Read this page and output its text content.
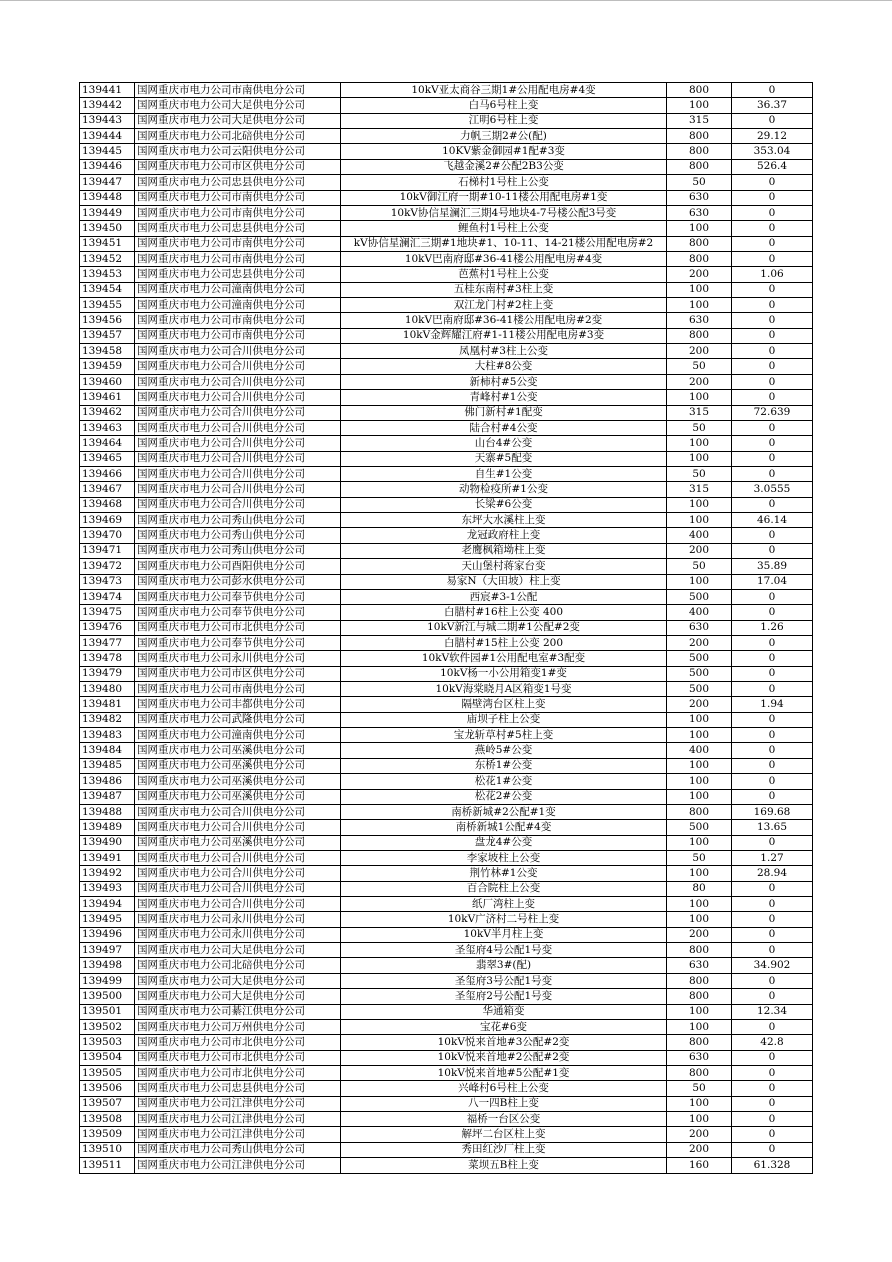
139441	国网重庆市电力公司市南供电分公司	10kV亚太商谷三期1#公用配电房#4变	800	0
139442	国网重庆市电力公司大足供电分公司	白马6号柱上变	100	36.37
139443	国网重庆市电力公司大足供电分公司	江明6号柱上变	315	0
139444	国网重庆市电力公司北碚供电分公司	力帆三期2#公(配)	800	29.12
139445	国网重庆市电力公司云阳供电分公司	10KV紫金御园#1配#3变	800	353.04
139446	国网重庆市电力公司市区供电分公司	飞越金溪2#公配2B3公变	800	526.4
139447	国网重庆市电力公司忠县供电分公司	石梯村1号柱上公变	50	0
139448	国网重庆市电力公司市南供电分公司	10kV御江府一期#10-11楼公用配电房#1变	630	0
139449	国网重庆市电力公司市南供电分公司	10kV协信星澜汇三期4号地块4-7号楼公配3号变	630	0
139450	国网重庆市电力公司忠县供电分公司	鲤鱼村1号柱上公变	100	0
139451	国网重庆市电力公司市南供电分公司	kV协信星澜汇三期#1地块#1、10-11、14-21楼公用配电房#2	800	0
139452	国网重庆市电力公司市南供电分公司	10kV巴南府邸#36-41楼公用配电房#4变	800	0
139453	国网重庆市电力公司忠县供电分公司	芭蕉村1号柱上公变	200	1.06
139454	国网重庆市电力公司潼南供电分公司	五桂东南村#3柱上变	100	0
139455	国网重庆市电力公司潼南供电分公司	双江龙门村#2柱上变	100	0
139456	国网重庆市电力公司市南供电分公司	10kV巴南府邸#36-41楼公用配电房#2变	630	0
139457	国网重庆市电力公司市南供电分公司	10kV金辉耀江府#1-11楼公用配电房#3变	800	0
139458	国网重庆市电力公司合川供电分公司	凤凰村#3柱上公变	200	0
139459	国网重庆市电力公司合川供电分公司	大柱#8公变	50	0
139460	国网重庆市电力公司合川供电分公司	新柿村#5公变	200	0
139461	国网重庆市电力公司合川供电分公司	青峰村#1公变	100	0
139462	国网重庆市电力公司合川供电分公司	佛门新村#1配变	315	72.639
139463	国网重庆市电力公司合川供电分公司	陆合村#4公变	50	0
139464	国网重庆市电力公司合川供电分公司	山台4#公变	100	0
139465	国网重庆市电力公司合川供电分公司	天寨#5配变	100	0
139466	国网重庆市电力公司合川供电分公司	自生#1公变	50	0
139467	国网重庆市电力公司合川供电分公司	动物检疫所#1公变	315	3.0555
139468	国网重庆市电力公司合川供电分公司	长梁#6公变	100	0
139469	国网重庆市电力公司秀山供电分公司	东坪大水溪柱上变	100	46.14
139470	国网重庆市电力公司秀山供电分公司	龙冠政府柱上变	400	0
139471	国网重庆市电力公司秀山供电分公司	老鹰枫箱坳柱上变	200	0
139472	国网重庆市电力公司酉阳供电分公司	天山堡村蒋家台变	50	35.89
139473	国网重庆市电力公司彭水供电分公司	易家N（大田坡）柱上变	100	17.04
139474	国网重庆市电力公司奉节供电分公司	西宸#3-1公配	500	0
139475	国网重庆市电力公司奉节供电分公司	白腊村#16柱上公变 400	400	0
139476	国网重庆市电力公司市北供电分公司	10kV新江与城二期#1公配#2变	630	1.26
139477	国网重庆市电力公司奉节供电分公司	白腊村#15柱上公变 200	200	0
139478	国网重庆市电力公司永川供电分公司	10kV软件园#1公用配电室#3配变	500	0
139479	国网重庆市电力公司市区供电分公司	10kV杨一小公用箱变1#变	500	0
139480	国网重庆市电力公司市南供电分公司	10kV海棠晓月A区箱变1号变	500	0
139481	国网重庆市电力公司丰都供电分公司	隔壁湾台区柱上变	200	1.94
139482	国网重庆市电力公司武隆供电分公司	庙坝子柱上公变	100	0
139483	国网重庆市电力公司潼南供电分公司	宝龙斩草村#5柱上变	100	0
139484	国网重庆市电力公司巫溪供电分公司	燕岭5#公变	400	0
139485	国网重庆市电力公司巫溪供电分公司	东桥1#公变	100	0
139486	国网重庆市电力公司巫溪供电分公司	松花1#公变	100	0
139487	国网重庆市电力公司巫溪供电分公司	松花2#公变	100	0
139488	国网重庆市电力公司合川供电分公司	南桥新城#2公配#1变	800	169.68
139489	国网重庆市电力公司合川供电分公司	南桥新城1公配#4变	500	13.65
139490	国网重庆市电力公司巫溪供电分公司	盘龙4#公变	100	0
139491	国网重庆市电力公司合川供电分公司	李家坡柱上公变	50	1.27
139492	国网重庆市电力公司合川供电分公司	荆竹林#1公变	100	28.94
139493	国网重庆市电力公司合川供电分公司	百合院柱上公变	80	0
139494	国网重庆市电力公司合川供电分公司	纸厂湾柱上变	100	0
139495	国网重庆市电力公司永川供电分公司	10kV广济村二号柱上变	100	0
139496	国网重庆市电力公司永川供电分公司	10kV半月柱上变	200	0
139497	国网重庆市电力公司大足供电分公司	圣玺府4号公配1号变	800	0
139498	国网重庆市电力公司北碚供电分公司	翡翠3#(配)	630	34.902
139499	国网重庆市电力公司大足供电分公司	圣玺府3号公配1号变	800	0
139500	国网重庆市电力公司大足供电分公司	圣玺府2号公配1号变	800	0
139501	国网重庆市电力公司綦江供电分公司	华通箱变	100	12.34
139502	国网重庆市电力公司万州供电分公司	宝花#6变	100	0
139503	国网重庆市电力公司市北供电分公司	10kV悦来首地#3公配#2变	800	42.8
139504	国网重庆市电力公司市北供电分公司	10kV悦来首地#2公配#2变	630	0
139505	国网重庆市电力公司市北供电分公司	10kV悦来首地#5公配#1变	800	0
139506	国网重庆市电力公司忠县供电分公司	兴峰村6号柱上公变	50	0
139507	国网重庆市电力公司江津供电分公司	八一四B柱上变	100	0
139508	国网重庆市电力公司江津供电分公司	福桥一台区公变	100	0
139509	国网重庆市电力公司江津供电分公司	解坪二台区柱上变	200	0
139510	国网重庆市电力公司秀山供电分公司	秀田红沙厂柱上变	200	0
139511	国网重庆市电力公司江津供电分公司	菜坝五B柱上变	160	61.328
